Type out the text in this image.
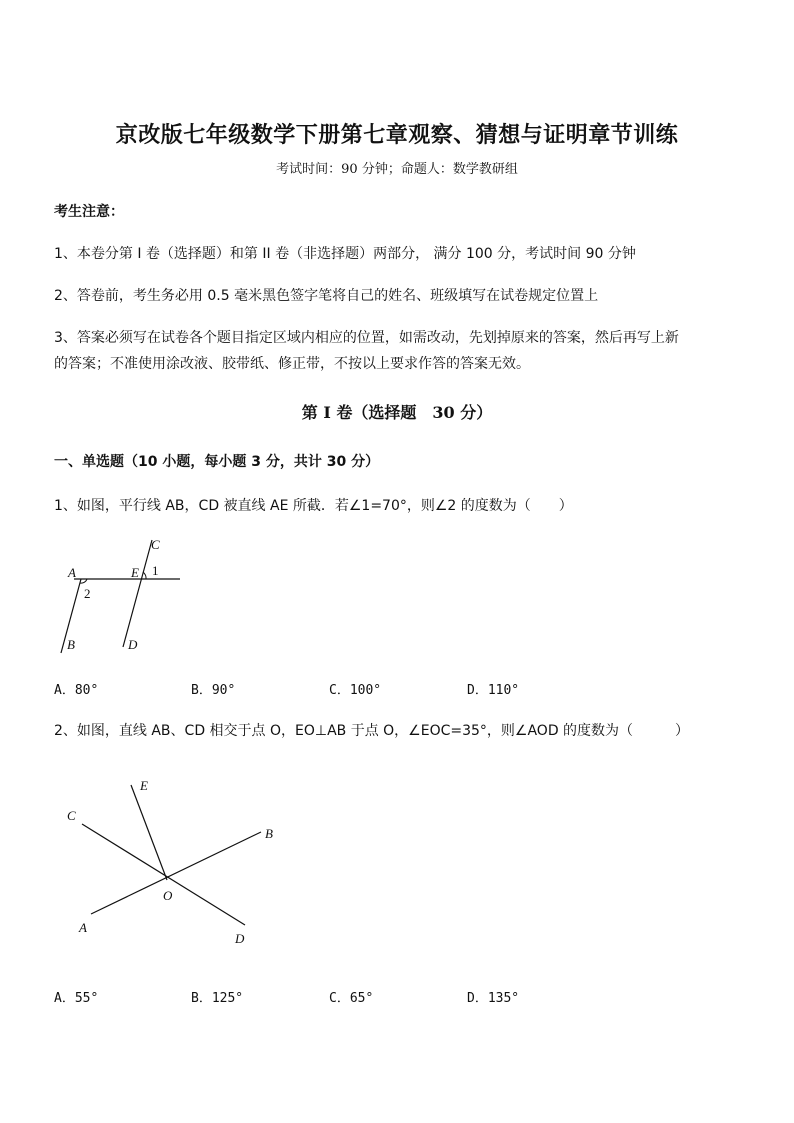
京改版七年级数学下册第七章观察、猜想与证明章节训练
考试时间：90 分钟；命题人：数学教研组
考生注意：
1、本卷分第 I 卷（选择题）和第 II 卷（非选择题）两部分， 满分 100 分，考试时间 90 分钟
2、答卷前，考生务必用 0.5 毫米黑色签字笔将自己的姓名、班级填写在试卷规定位置上
3、答案必须写在试卷各个题目指定区域内相应的位置，如需改动，先划掉原来的答案，然后再写上新
的答案；不准使用涂改液、胶带纸、修正带，不按以上要求作答的答案无效。
第 I 卷（选择题　30 分）
一、单选题（10 小题，每小题 3 分，共计 30 分）
1、如图，平行线 AB，CD 被直线 AE 所截．若∠1=70°，则∠2 的度数为（　　）
A	E
C
1
2
B	D
A．80°	B．90°	C．100°	D．110°
2、如图，直线 AB、CD 相交于点 O，EO⊥AB 于点 O，∠EOC=35°，则∠AOD 的度数为（　　　）
E
C
B
O
A
D
A．55°	B．125°	C．65°	D．135°
